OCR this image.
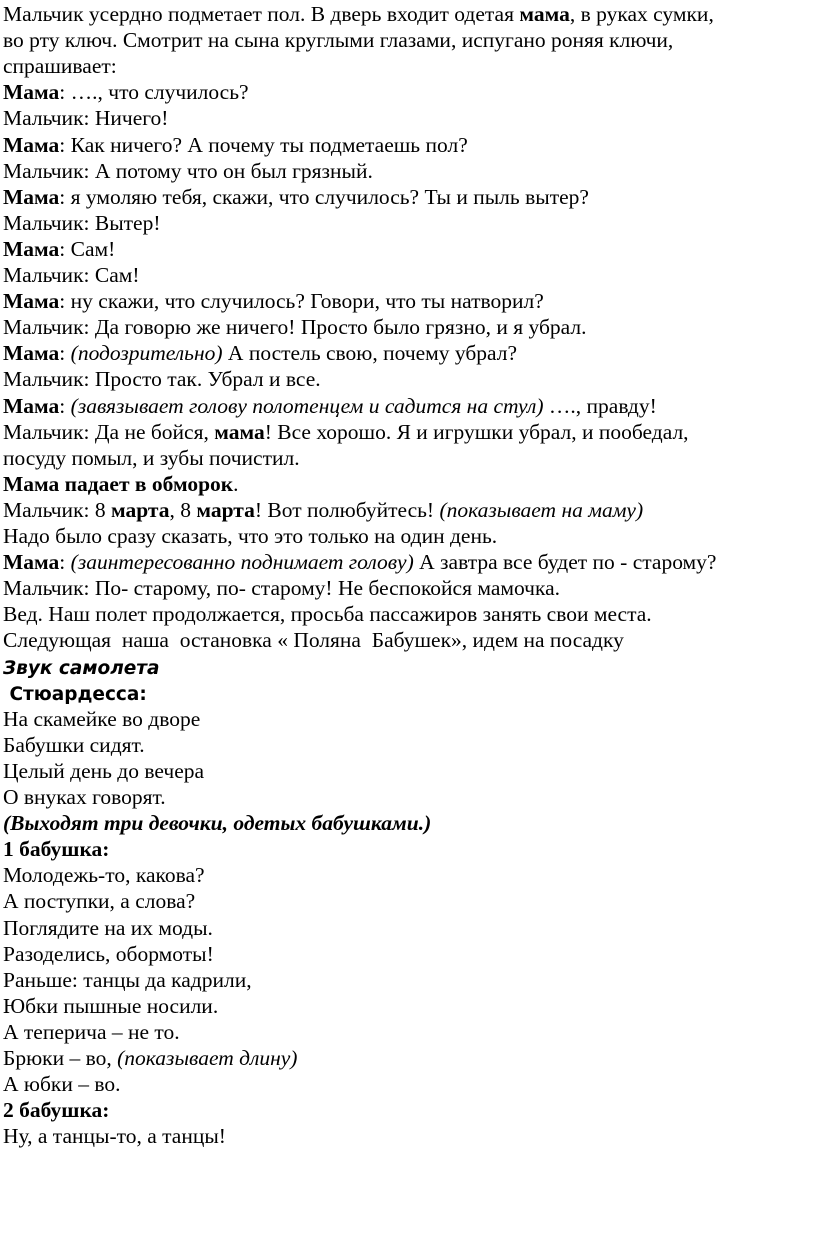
Мальчик усердно подметает пол. В дверь входит одетая мама, в руках сумки,
во рту ключ. Смотрит на сына круглыми глазами, испугано роняя ключи,
спрашивает:
Мама: …., что случилось?
Мальчик: Ничего!
Мама: Как ничего? А почему ты подметаешь пол?
Мальчик: А потому что он был грязный.
Мама: я умоляю тебя, скажи, что случилось? Ты и пыль вытер?
Мальчик: Вытер!
Мама: Сам!
Мальчик: Сам!
Мама: ну скажи, что случилось? Говори, что ты натворил?
Мальчик: Да говорю же ничего! Просто было грязно, и я убрал.
Мама: (подозрительно) А постель свою, почему убрал?
Мальчик: Просто так. Убрал и все.
Мама: (завязывает голову полотенцем и садится на стул) …., правду!
Мальчик: Да не бойся, мама! Все хорошо. Я и игрушки убрал, и пообедал,
посуду помыл, и зубы почистил.
Мама падает в обморок.
Мальчик: 8 марта, 8 марта! Вот полюбуйтесь! (показывает на маму)
Надо было сразу сказать, что это только на один день.
Мама: (заинтересованно поднимает голову) А завтра все будет по - старому?
Мальчик: По- старому, по- старому! Не беспокойся мамочка.
Вед. Наш полет продолжается, просьба пассажиров занять свои места.
Следующая  наша  остановка « Поляна  Бабушек», идем на посадку
Звук самолета
Стюардесса:
На скамейке во дворе
Бабушки сидят.
Целый день до вечера
О внуках говорят.
(Выходят три девочки, одетых бабушками.)
1 бабушка:
Молодежь-то, какова?
А поступки, а слова?
Поглядите на их моды.
Разоделись, обормоты!
Раньше: танцы да кадрили,
Юбки пышные носили.
А теперича – не то.
Брюки – во, (показывает длину)
А юбки – во.
2 бабушка:
Ну, а танцы-то, а танцы!
